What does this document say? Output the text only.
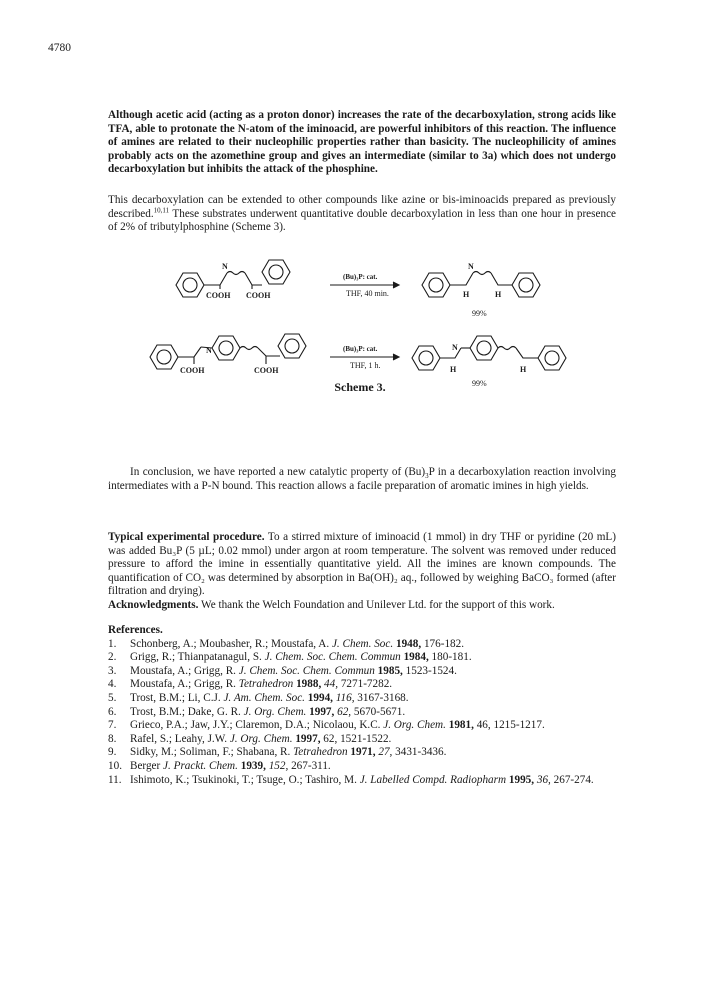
4780

Although acetic acid (acting as a proton donor) increases the rate of the decarboxylation, strong acids like TFA, able to protonate the N-atom of the iminoacid, are powerful inhibitors of this reaction. The influence of amines are related to their nucleophilic properties rather than basicity. The nucleophilicity of amines probably acts on the azomethine group and gives an intermediate (similar to 3a) which does not undergo decarboxylation but inhibits the attack of the phosphine.

This decarboxylation can be extended to other compounds like azine or bis-iminoacids prepared as previously described.$^{10,11}$ These substrates underwent quantitative double decarboxylation in less than one hour in presence of 2% of tributylphosphine (Scheme 3).

N
COOH COOH
(Bu)₃P: cat.
N
H	H
N
COOH	COOH
(Bu)₃P: cat.	N
H	H
THF, 40 min.
99%
THF, 1 h.
99%
Scheme 3.

In conclusion, we have reported a new catalytic property of $(Bu)_3P$ in a decarboxylation reaction involving intermediates with a P-N bound. This reaction allows a facile preparation of aromatic imines in high yields.

Typical experimental procedure. To a stirred mixture of iminoacid (1 mmol) in dry THF or pyridine (20 mL) was added Bu₃P (5 µL; 0.02 mmol) under argon at room temperature. The solvent was removed under reduced pressure to afford the imine in essentially quantitative yield. All the imines are known compounds. The quantification of CO₂ was determined by absorption in Ba(OH)₂ aq., followed by weighing BaCO₃ formed (after filtration and drying).

Acknowledgments. We thank the Welch Foundation and Unilever Ltd. for the support of this work.

References.
1.	Schonberg, A.; Moubasher, R.; Moustafa, A. J. Chem. Soc. 1948, 176-182.
2.	Grigg, R.; Thianpatanagul, S. J. Chem. Soc. Chem. Commun 1984, 180-181.
3.	Moustafa, A.; Grigg, R. J. Chem. Soc. Chem. Commun 1985, 1523-1524.
4.	Moustafa, A.; Grigg, R. Tetrahedron 1988, 44, 7271-7282.
5.	Trost, B.M.; Li, C.J. J. Am. Chem. Soc. 1994, 116, 3167-3168.
6.	Trost, B.M.; Dake, G. R. J. Org. Chem. 1997, 62, 5670-5671.
7.	Grieco, P.A.; Jaw, J.Y.; Claremon, D.A.; Nicolaou, K.C. J. Org. Chem. 1981, 46, 1215-1217.
8.	Rafel, S.; Leahy, J.W. J. Org. Chem. 1997, 62, 1521-1522.
9.	Sidky, M.; Soliman, F.; Shabana, R. Tetrahedron 1971, 27, 3431-3436.
10. Berger J. Prackt. Chem. 1939, 152, 267-311.
11. Ishimoto, K.; Tsukinoki, T.; Tsuge, O.; Tashiro, M. J. Labelled Compd. Radiopharm 1995, 36, 267-274.
